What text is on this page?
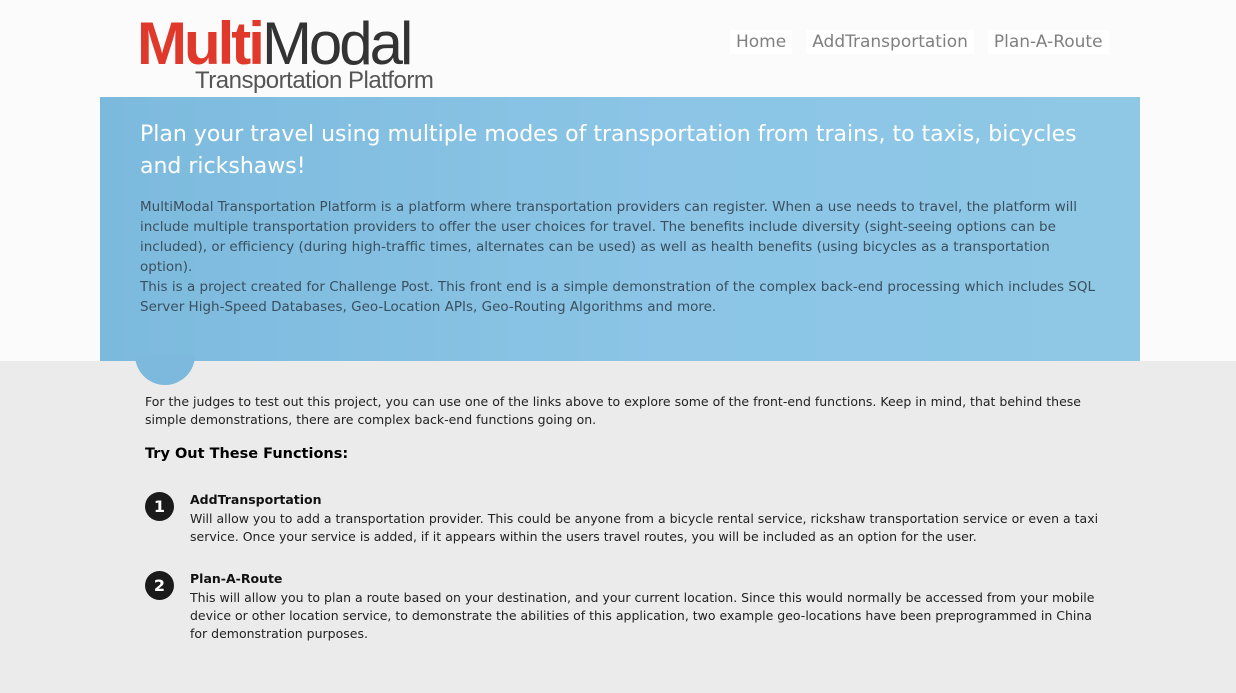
MultiModal
Transportation Platform
Home	AddTransportation	Plan-A-Route
Plan your travel using multiple modes of transportation from trains, to taxis, bicycles and rickshaws!

MultiModal Transportation Platform is a platform where transportation providers can register. When a use needs to travel, the platform will include multiple transportation providers to offer the user choices for travel. The benefits include diversity (sight-seeing options can be included), or efficiency (during high-traffic times, alternates can be used) as well as health benefits (using bicycles as a transportation option).

This is a project created for Challenge Post. This front end is a simple demonstration of the complex back-end processing which includes SQL Server High-Speed Databases, Geo-Location APIs, Geo-Routing Algorithms and more.

For the judges to test out this project, you can use one of the links above to explore some of the front-end functions. Keep in mind, that behind these simple demonstrations, there are complex back-end functions going on.

Try Out These Functions:
1	AddTransportation

Will allow you to add a transportation provider. This could be anyone from a bicycle rental service, rickshaw transportation service or even a taxi service. Once your service is added, if it appears within the users travel routes, you will be included as an option for the user.

2	Plan-A-Route

This will allow you to plan a route based on your destination, and your current location. Since this would normally be accessed from your mobile device or other location service, to demonstrate the abilities of this application, two example geo-locations have been preprogrammed in China for demonstration purposes.
